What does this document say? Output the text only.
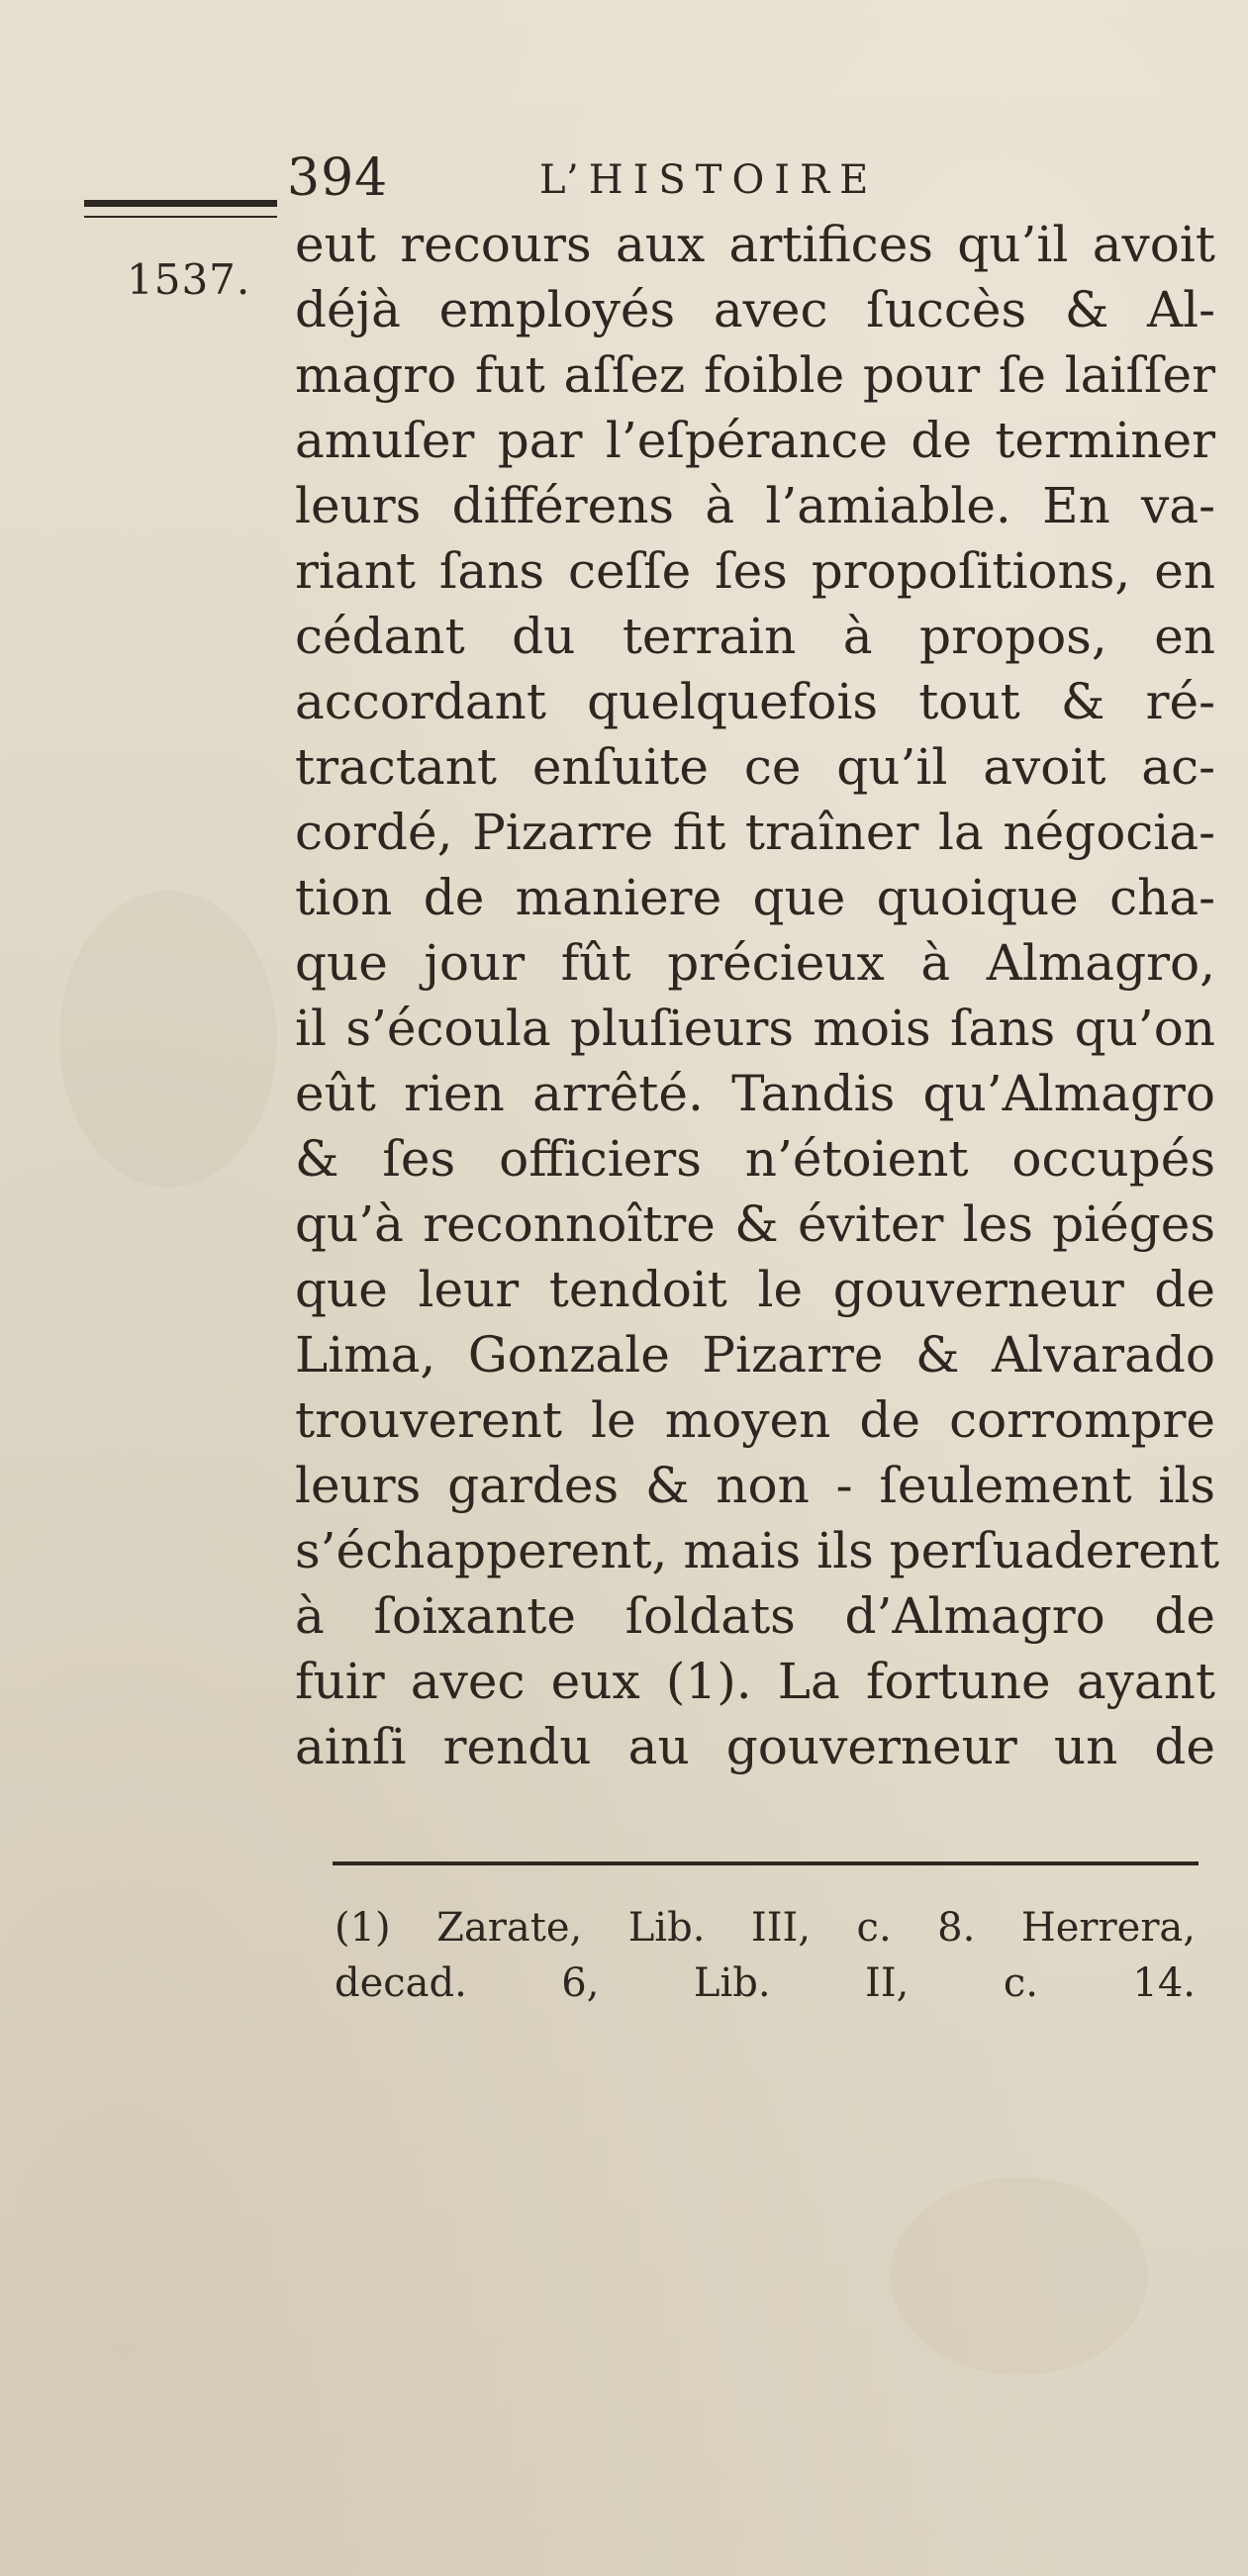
394	L’HISTOIRE
1537.
eut recours aux artifices qu’il avoit
déjà employés avec ſuccès & Al-
magro fut aſſez foible pour ſe laiſſer
amuſer par l’eſpérance de terminer
leurs différens à l’amiable. En va-
riant ſans ceſſe ſes propoſitions, en
cédant du terrain à propos, en
accordant quelquefois tout & ré-
tractant enſuite ce qu’il avoit ac-
cordé, Pizarre fit traîner la négocia-
tion de maniere que quoique cha-
que jour fût précieux à Almagro,
il s’écoula pluſieurs mois ſans qu’on
eût rien arrêté. Tandis qu’Almagro
& ſes officiers n’étoient occupés
qu’à reconnoître & éviter les piéges
que leur tendoit le gouverneur de
Lima, Gonzale Pizarre & Alvarado
trouverent le moyen de corrompre
leurs gardes & non - ſeulement ils
s’échapperent, mais ils perſuaderent
à ſoixante ſoldats d’Almagro de
fuir avec eux (1). La fortune ayant
ainſi rendu au gouverneur un de
(1) Zarate, Lib. III, c. 8. Herrera,
decad. 6, Lib. II, c. 14.
